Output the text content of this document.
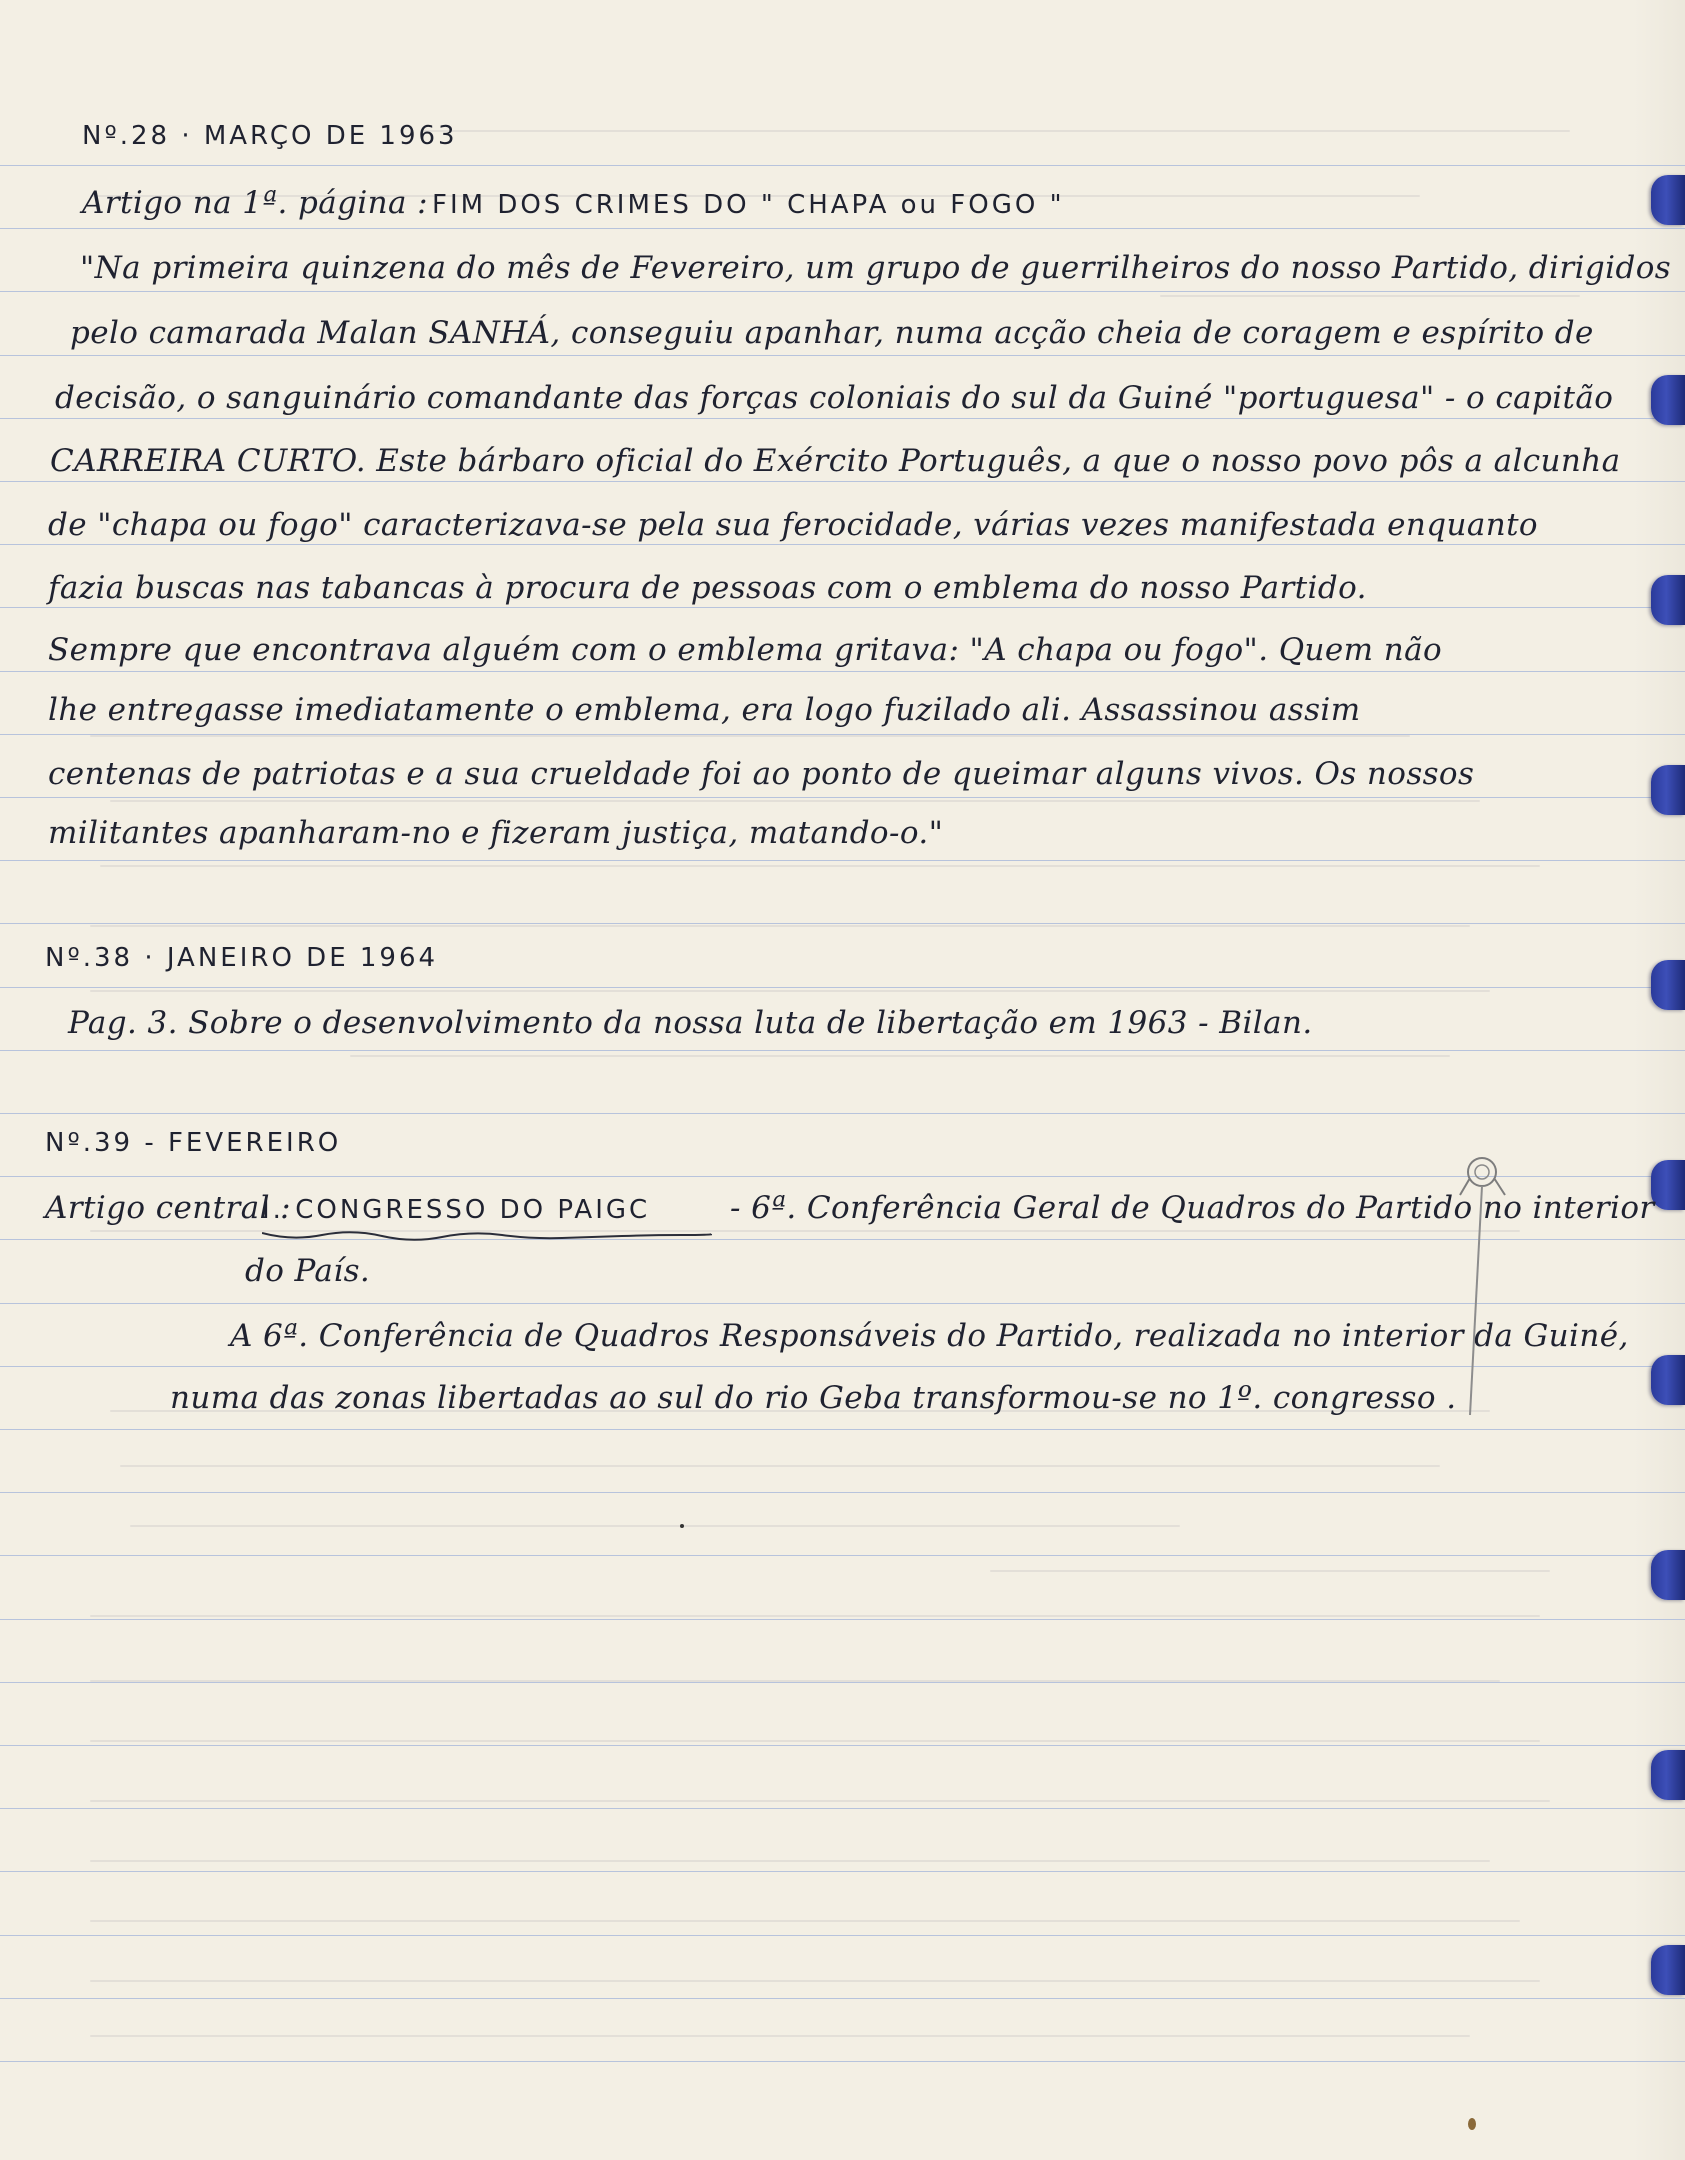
Nº.28 · MARÇO DE 1963
Artigo na 1ª. página : FIM DOS CRIMES DO " CHAPA ou FOGO "
"Na primeira quinzena do mês de Fevereiro, um grupo de guerrilheiros do nosso Partido, dirigidos
pelo camarada Malan SANHÁ, conseguiu apanhar, numa acção cheia de coragem e espírito de
decisão, o sanguinário comandante das forças coloniais do sul da Guiné "portuguesa" - o capitão
CARREIRA CURTO. Este bárbaro oficial do Exército Português, a que o nosso povo pôs a alcunha
de "chapa ou fogo" caracterizava-se pela sua ferocidade, várias vezes manifestada enquanto
fazia buscas nas tabancas à procura de pessoas com o emblema do nosso Partido.
Sempre que encontrava alguém com o emblema gritava: "A chapa ou fogo". Quem não
lhe entregasse imediatamente o emblema, era logo fuzilado ali. Assassinou assim
centenas de patriotas e a sua crueldade foi ao ponto de queimar alguns vivos. Os nossos
militantes apanharam-no e fizeram justiça, matando-o."
Nº.38 · JANEIRO DE 1964
Pag. 3. Sobre o desenvolvimento da nossa luta de libertação em 1963 - Bilan.
Nº.39 - FEVEREIRO
Artigo central :
I. CONGRESSO DO PAIGC	- 6ª. Conferência Geral de Quadros do Partido no interior
do País.
A 6ª. Conferência de Quadros Responsáveis do Partido, realizada no interior da Guiné,
numa das zonas libertadas ao sul do rio Geba transformou-se no 1º. congresso .
